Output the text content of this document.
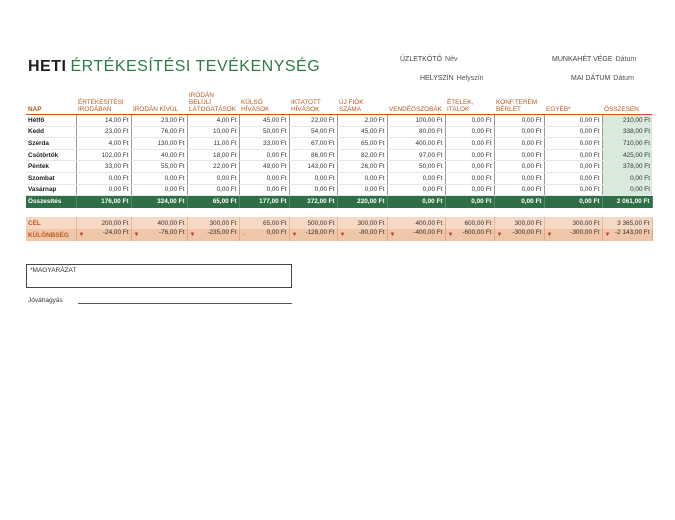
HETI ÉRTÉKESÍTÉSI TEVÉKENYSÉG	ÜZLETKÖTŐ Név	MUNKAHÉT VÉGE Dátum
HELYSZÍN Helyszín	MAI DÁTUM Dátum
NAP	ÉRTÉKESÍTÉSI IRODÁBAN	IRODÁN KÍVÜL	IRODÁN BELÜLI LÁTOGATÁSOK	KÜLSŐ HÍVÁSOK	IKTATOTT HÍVÁSOK	ÚJ FIÓK SZÁMA	VENDÉGSZOBÁK	ÉTELEK, ITALOK	KONF.TEREM BÉRLET	EGYÉB*	ÖSSZESEN
Hétfő	14,00 Ft	23,00 Ft	4,00 Ft	45,00 Ft	22,00 Ft	2,00 Ft	100,00 Ft	0,00 Ft	0,00 Ft	0,00 Ft	210,00 Ft
Kedd	23,00 Ft	76,00 Ft	10,00 Ft	50,00 Ft	54,00 Ft	45,00 Ft	80,00 Ft	0,00 Ft	0,00 Ft	0,00 Ft	338,00 Ft
Szerda	4,00 Ft	130,00 Ft	11,00 Ft	33,00 Ft	67,00 Ft	65,00 Ft	400,00 Ft	0,00 Ft	0,00 Ft	0,00 Ft	710,00 Ft
Csütörtök	102,00 Ft	40,00 Ft	18,00 Ft	0,00 Ft	86,00 Ft	82,00 Ft	97,00 Ft	0,00 Ft	0,00 Ft	0,00 Ft	425,00 Ft
Péntek	33,00 Ft	55,00 Ft	22,00 Ft	49,00 Ft	143,00 Ft	26,00 Ft	50,00 Ft	0,00 Ft	0,00 Ft	0,00 Ft	378,00 Ft
Szombat	0,00 Ft	0,00 Ft	0,00 Ft	0,00 Ft	0,00 Ft	0,00 Ft	0,00 Ft	0,00 Ft	0,00 Ft	0,00 Ft	0,00 Ft
Vasárnap	0,00 Ft	0,00 Ft	0,00 Ft	0,00 Ft	0,00 Ft	0,00 Ft	0,00 Ft	0,00 Ft	0,00 Ft	0,00 Ft	0,00 Ft
Összesítés	176,00 Ft	324,00 Ft	65,00 Ft	177,00 Ft	372,00 Ft	220,00 Ft	0,00 Ft	0,00 Ft	0,00 Ft	0,00 Ft	2 061,00 Ft
CÉL	200,00 Ft	400,00 Ft	300,00 Ft	65,00 Ft	500,00 Ft	300,00 Ft	400,00 Ft	600,00 Ft	300,00 Ft	300,00 Ft	3 365,00 Ft
KÜLÖNBSÉG	▼ -24,00 Ft	▼ -76,00 Ft	▼ -235,00 Ft	⇔ 0,00 Ft	▼ -128,00 Ft	▼ -80,00 Ft	▼ -400,00 Ft	▼ -600,00 Ft	▼ -300,00 Ft	▼ -300,00 Ft	▼ -2 143,00 Ft
*MAGYARÁZAT
Jóváhagyás
